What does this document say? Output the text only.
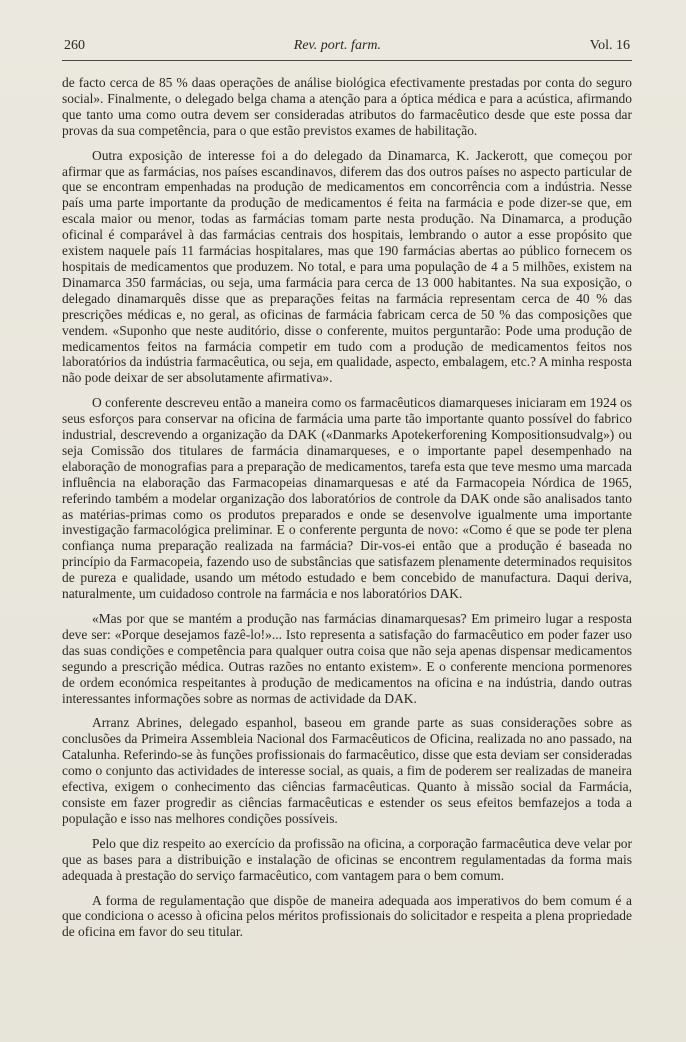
260	Rev. port. farm.	Vol. 16

de facto cerca de 85 % daas operações de análise biológica efectivamente prestadas por conta do seguro social». Finalmente, o delegado belga chama a atenção para a óptica médica e para a acústica, afirmando que tanto uma como outra devem ser consideradas atributos do farmacêutico desde que este possa dar provas da sua competência, para o que estão previstos exames de habilitação.

Outra exposição de interesse foi a do delegado da Dinamarca, K. Jackerott, que começou por afirmar que as farmácias, nos países escandinavos, diferem das dos outros países no aspecto particular de que se encontram empenhadas na produção de medicamentos em concorrência com a indústria. Nesse país uma parte importante da produção de medicamentos é feita na farmácia e pode dizer-se que, em escala maior ou menor, todas as farmácias tomam parte nesta produção. Na Dinamarca, a produção oficinal é comparável à das farmácias centrais dos hospitais, lembrando o autor a esse propósito que existem naquele país 11 farmácias hospitalares, mas que 190 farmácias abertas ao público fornecem os hospitais de medicamentos que produzem. No total, e para uma população de 4 a 5 milhões, existem na Dinamarca 350 farmácias, ou seja, uma farmácia para cerca de 13 000 habitantes. Na sua exposição, o delegado dinamarquês disse que as preparações feitas na farmácia representam cerca de 40 % das prescrições médicas e, no geral, as oficinas de farmácia fabricam cerca de 50 % das composições que vendem. «Suponho que neste auditório, disse o conferente, muitos perguntarão: Pode uma produção de medicamentos feitos na farmácia competir em tudo com a produção de medicamentos feitos nos laboratórios da indústria farmacêutica, ou seja, em qualidade, aspecto, embalagem, etc.? A minha resposta não pode deixar de ser absolutamente afirmativa».

O conferente descreveu então a maneira como os farmacêuticos diamarqueses iniciaram em 1924 os seus esforços para conservar na oficina de farmácia uma parte tão importante quanto possível do fabrico industrial, descrevendo a organização da DAK («Danmarks Apotekerforening Kompositionsudvalg») ou seja Comissão dos titulares de farmácia dinamarqueses, e o importante papel desempenhado na elaboração de monografias para a preparação de medicamentos, tarefa esta que teve mesmo uma marcada influência na elaboração das Farmacopeias dinamarquesas e até da Farmacopeia Nórdica de 1965, referindo também a modelar organização dos laboratórios de controle da DAK onde são analisados tanto as matérias-primas como os produtos preparados e onde se desenvolve igualmente uma importante investigação farmacológica preliminar. E o conferente pergunta de novo: «Como é que se pode ter plena confiança numa preparação realizada na farmácia? Dir-vos-ei então que a produção é baseada no princípio da Farmacopeia, fazendo uso de substâncias que satisfazem plenamente determinados requisitos de pureza e qualidade, usando um método estudado e bem concebido de manufactura. Daqui deriva, naturalmente, um cuidadoso controle na farmácia e nos laboratórios DAK.

«Mas por que se mantém a produção nas farmácias dinamarquesas? Em primeiro lugar a resposta deve ser: «Porque desejamos fazê-lo!»... Isto representa a satisfação do farmacêutico em poder fazer uso das suas condições e competência para qualquer outra coisa que não seja apenas dispensar medicamentos segundo a prescrição médica. Outras razões no entanto existem». E o conferente menciona pormenores de ordem económica respeitantes à produção de medicamentos na oficina e na indústria, dando outras interessantes informações sobre as normas de actividade da DAK.

Arranz Abrines, delegado espanhol, baseou em grande parte as suas considerações sobre as conclusões da Primeira Assembleia Nacional dos Farmacêuticos de Oficina, realizada no ano passado, na Catalunha. Referindo-se às funções profissionais do farmacêutico, disse que esta deviam ser consideradas como o conjunto das actividades de interesse social, as quais, a fim de poderem ser realizadas de maneira efectiva, exigem o conhecimento das ciências farmacêuticas. Quanto à missão social da Farmácia, consiste em fazer progredir as ciências farmacêuticas e estender os seus efeitos bemfazejos a toda a população e isso nas melhores condições possíveis.

Pelo que diz respeito ao exercício da profissão na oficina, a corporação farmacêutica deve velar por que as bases para a distribuição e instalação de oficinas se encontrem regulamentadas da forma mais adequada à prestação do serviço farmacêutico, com vantagem para o bem comum.

A forma de regulamentação que dispõe de maneira adequada aos imperativos do bem comum é a que condiciona o acesso à oficina pelos méritos profissionais do solicitador e respeita a plena propriedade de oficina em favor do seu titular.
